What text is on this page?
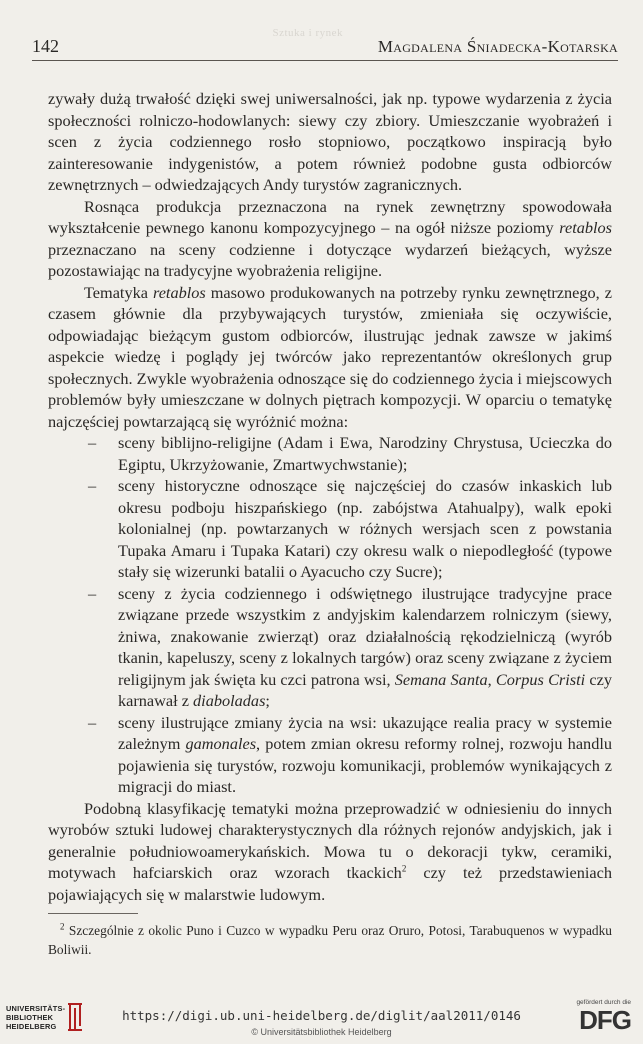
Sztuka i rynek
142	Magdalena Śniadecka-Kotarska

zywały dużą trwałość dzięki swej uniwersalności, jak np. typowe wydarzenia z życia społeczności rolniczo-hodowlanych: siewy czy zbiory. Umieszczanie wyobrażeń i scen z życia codziennego rosło stopniowo, początkowo inspiracją było zainteresowanie indygenistów, a potem również podobne gusta odbiorców zewnętrznych – odwiedzających Andy turystów zagranicznych.

Rosnąca produkcja przeznaczona na rynek zewnętrzny spowodowała wykształcenie pewnego kanonu kompozycyjnego – na ogół niższe poziomy retablos przeznaczano na sceny codzienne i dotyczące wydarzeń bieżących, wyższe pozostawiając na tradycyjne wyobrażenia religijne.

Tematyka retablos masowo produkowanych na potrzeby rynku zewnętrznego, z czasem głównie dla przybywających turystów, zmieniała się oczywiście, odpowiadając bieżącym gustom odbiorców, ilustrując jednak zawsze w jakimś aspekcie wiedzę i poglądy jej twórców jako reprezentantów określonych grup społecznych. Zwykle wyobrażenia odnoszące się do codziennego życia i miejscowych problemów były umieszczane w dolnych piętrach kompozycji. W oparciu o tematykę najczęściej powtarzającą się wyróżnić można:

– sceny biblijno-religijne (Adam i Ewa, Narodziny Chrystusa, Ucieczka do Egiptu, Ukrzyżowanie, Zmartwychwstanie);
– sceny historyczne odnoszące się najczęściej do czasów inkaskich lub okresu podboju hiszpańskiego (np. zabójstwa Atahualpy), walk epoki kolonialnej (np. powtarzanych w różnych wersjach scen z powstania Tupaka Amaru i Tupaka Katari) czy okresu walk o niepodległość (typowe stały się wizerunki batalii o Ayacucho czy Sucre);
– sceny z życia codziennego i odświętnego ilustrujące tradycyjne prace związane przede wszystkim z andyjskim kalendarzem rolniczym (siewy, żniwa, znakowanie zwierząt) oraz działalnością rękodzielniczą (wyrób tkanin, kapeluszy, sceny z lokalnych targów) oraz sceny związane z życiem religijnym jak święta ku czci patrona wsi, Semana Santa, Corpus Cristi czy karnawał z diaboladas;
– sceny ilustrujące zmiany życia na wsi: ukazujące realia pracy w systemie zależnym gamonales, potem zmian okresu reformy rolnej, rozwoju handlu pojawienia się turystów, rozwoju komunikacji, problemów wynikających z migracji do miast.

Podobną klasyfikację tematyki można przeprowadzić w odniesieniu do innych wyrobów sztuki ludowej charakterystycznych dla różnych rejonów andyjskich, jak i generalnie południowoamerykańskich. Mowa tu o dekoracji tykw, ceramiki, motywach hafciarskich oraz wzorach tkackich$^2$ czy też przedstawieniach pojawiających się w malarstwie ludowym.

$^2$ Szczególnie z okolic Puno i Cuzco w wypadku Peru oraz Oruro, Potosi, Tarabuquenos w wypadku Boliwii.
UNIVERSITÄTS-
BIBLIOTHEK
HEIDELBERG
https://digi.ub.uni-heidelberg.de/diglit/aal2011/0146
© Universitätsbibliothek Heidelberg
gefördert durch die
DFG
